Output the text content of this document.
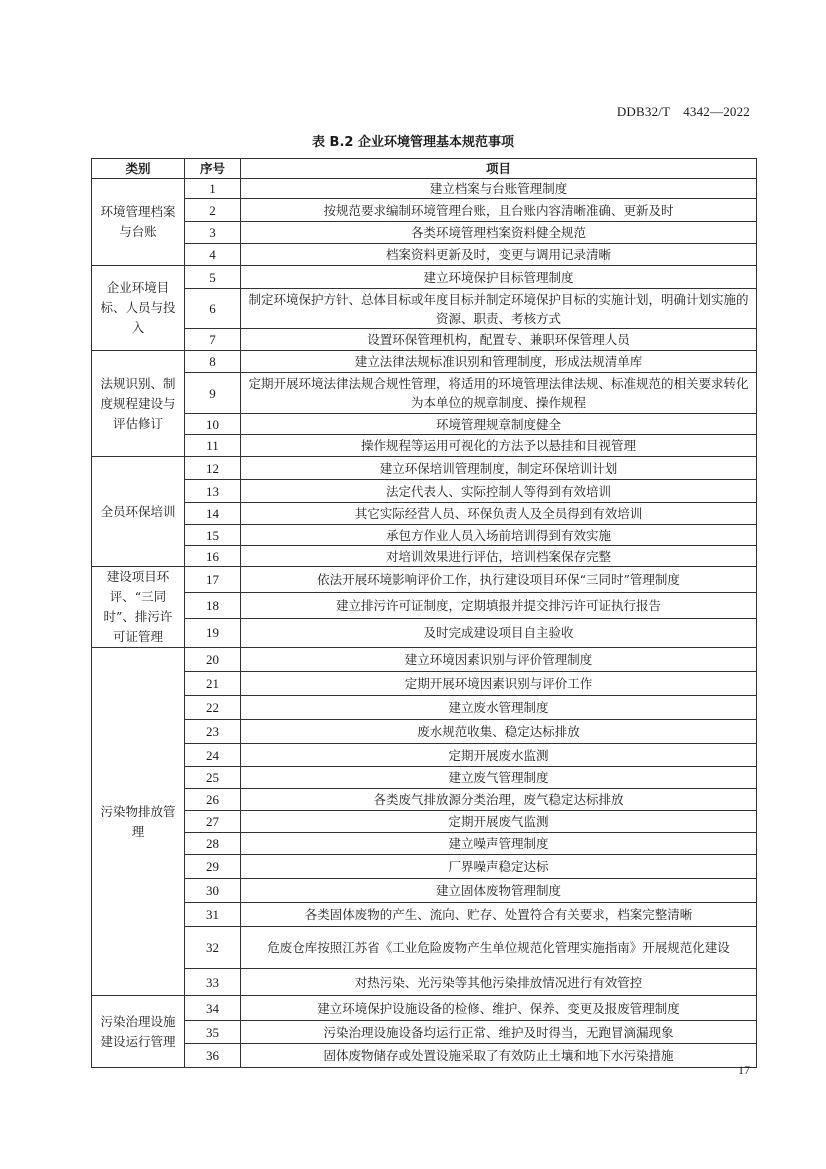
DDB32/T　4342—2022
表 B.2 企业环境管理基本规范事项
类别	序号	项目
环境管理档案与台账	1	建立档案与台账管理制度
	2	按规范要求编制环境管理台账，且台账内容清晰准确、更新及时
	3	各类环境管理档案资料健全规范
	4	档案资料更新及时，变更与调用记录清晰
企业环境目标、人员与投入	5	建立环境保护目标管理制度
	6	制定环境保护方针、总体目标或年度目标并制定环境保护目标的实施计划，明确计划实施的资源、职责、考核方式
	7	设置环保管理机构，配置专、兼职环保管理人员
法规识别、制度规程建设与评估修订	8	建立法律法规标准识别和管理制度，形成法规清单库
	9	定期开展环境法律法规合规性管理，将适用的环境管理法律法规、标准规范的相关要求转化为本单位的规章制度、操作规程
	10	环境管理规章制度健全
	11	操作规程等运用可视化的方法予以悬挂和目视管理
全员环保培训	12	建立环保培训管理制度，制定环保培训计划
	13	法定代表人、实际控制人等得到有效培训
	14	其它实际经营人员、环保负责人及全员得到有效培训
	15	承包方作业人员入场前培训得到有效实施
	16	对培训效果进行评估，培训档案保存完整
建设项目环评、“三同时”、排污许可证管理	17	依法开展环境影响评价工作，执行建设项目环保“三同时”管理制度
	18	建立排污许可证制度，定期填报并提交排污许可证执行报告
	19	及时完成建设项目自主验收
污染物排放管理	20	建立环境因素识别与评价管理制度
	21	定期开展环境因素识别与评价工作
	22	建立废水管理制度
	23	废水规范收集、稳定达标排放
	24	定期开展废水监测
	25	建立废气管理制度
	26	各类废气排放源分类治理，废气稳定达标排放
	27	定期开展废气监测
	28	建立噪声管理制度
	29	厂界噪声稳定达标
	30	建立固体废物管理制度
	31	各类固体废物的产生、流向、贮存、处置符合有关要求，档案完整清晰
	32	危废仓库按照江苏省《工业危险废物产生单位规范化管理实施指南》开展规范化建设
	33	对热污染、光污染等其他污染排放情况进行有效管控
污染治理设施建设运行管理	34	建立环境保护设施设备的检修、维护、保养、变更及报废管理制度
	35	污染治理设施设备均运行正常、维护及时得当，无跑冒滴漏现象
	36	固体废物储存或处置设施采取了有效防止土壤和地下水污染措施
17
